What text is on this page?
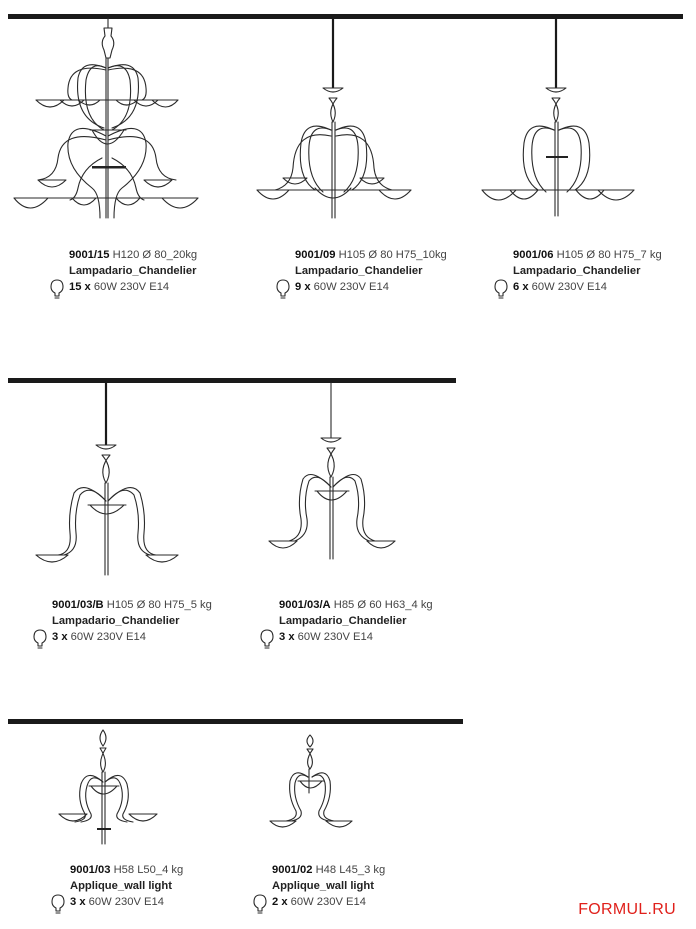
9001/15 H120 Ø 80_20kg
Lampadario_Chandelier
15 x 60W 230V E14
9001/09 H105 Ø 80 H75_10kg
Lampadario_Chandelier
9 x 60W 230V E14
9001/06 H105 Ø 80 H75_7 kg
Lampadario_Chandelier
6 x 60W 230V E14
9001/03/B H105 Ø 80 H75_5 kg
Lampadario_Chandelier
3 x 60W 230V E14
9001/03/A H85 Ø 60 H63_4 kg
Lampadario_Chandelier
3 x 60W 230V E14
9001/03 H58 L50_4 kg
Applique_wall light
3 x 60W 230V E14
9001/02 H48 L45_3 kg
Applique_wall light
2 x 60W 230V E14	FORMUL.RU
